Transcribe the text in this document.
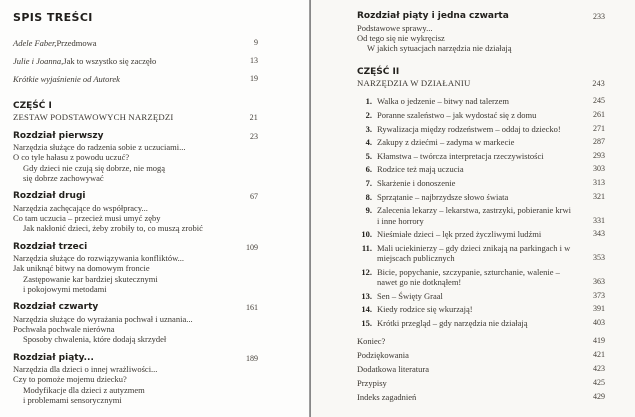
SPIS TREŚCI
Adele Faber, Przedmowa	9
Julie i Joanna, Jak to wszystko się zaczęło	13
Krótkie wyjaśnienie od Autorek	19
CZĘŚĆ I
ZESTAW PODSTAWOWYCH NARZĘDZI	21
Rozdział pierwszy	23
Narzędzia służące do radzenia sobie z uczuciami...
O co tyle hałasu z powodu uczuć?
Gdy dzieci nie czują się dobrze, nie mogą
się dobrze zachowywać
Rozdział drugi	67
Narzędzia zachęcające do współpracy...
Co tam uczucia – przecież musi umyć zęby
Jak nakłonić dzieci, żeby zrobiły to, co muszą zrobić
Rozdział trzeci	109
Narzędzia służące do rozwiązywania konfliktów...
Jak uniknąć bitwy na domowym froncie
Zastępowanie kar bardziej skutecznymi
i pokojowymi metodami
Rozdział czwarty	161
Narzędzia służące do wyrażania pochwał i uznania...
Pochwała pochwale nierówna
Sposoby chwalenia, które dodają skrzydeł
Rozdział piąty...	189
Narzędzia dla dzieci o innej wrażliwości...
Czy to pomoże mojemu dziecku?
Modyfikacje dla dzieci z autyzmem
i problemami sensorycznymi
Rozdział piąty i jedna czwarta	233
Podstawowe sprawy...
Od tego się nie wykręcisz
W jakich sytuacjach narzędzia nie działają
CZĘŚĆ II
NARZĘDZIA W DZIAŁANIU	243
1. Walka o jedzenie – bitwy nad talerzem	245
2. Poranne szaleństwo – jak wydostać się z domu	261
3. Rywalizacja między rodzeństwem – oddaj to dziecko!	271
4. Zakupy z dziećmi – zadyma w markecie	287
5. Kłamstwa – twórcza interpretacja rzeczywistości	293
6. Rodzice też mają uczucia	303
7. Skarżenie i donoszenie	313
8. Sprzątanie – najbrzydsze słowo świata	321
9. Zalecenia lekarzy – lekarstwa, zastrzyki, pobieranie krwi i inne horrory	331
10. Nieśmiałe dzieci – lęk przed życzliwymi ludźmi	343
11. Mali uciekinierzy – gdy dzieci znikają na parkingach i w miejscach publicznych	353
12. Bicie, popychanie, szczypanie, szturchanie, walenie – nawet go nie dotknąłem!	363
13. Sen – Święty Graal	373
14. Kiedy rodzice się wkurzają!	391
15. Krótki przegląd – gdy narzędzia nie działają	403
Koniec?	419
Podziękowania	421
Dodatkowa literatura	423
Przypisy	425
Indeks zagadnień	429
